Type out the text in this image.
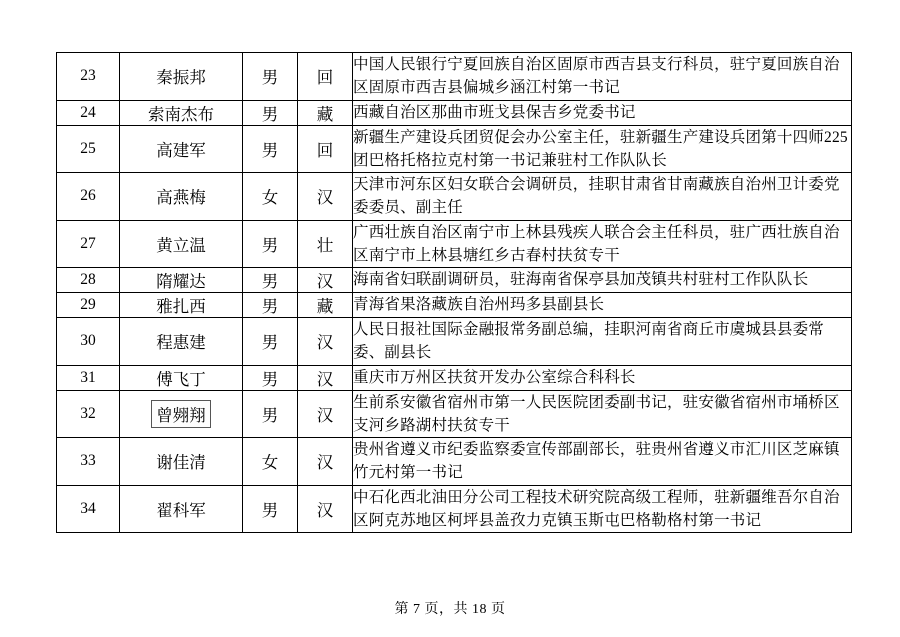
23	秦振邦	男	回	中国人民银行宁夏回族自治区固原市西吉县支行科员，驻宁夏回族自治区固原市西吉县偏城乡涵江村第一书记

24	索南杰布	男	藏	西藏自治区那曲市班戈县保吉乡党委书记

25	高建军	男	回	新疆生产建设兵团贸促会办公室主任，驻新疆生产建设兵团第十四师225团巴格托格拉克村第一书记兼驻村工作队队长

26	高燕梅	女	汉	天津市河东区妇女联合会调研员，挂职甘肃省甘南藏族自治州卫计委党委委员、副主任

27	黄立温	男	壮	广西壮族自治区南宁市上林县残疾人联合会主任科员，驻广西壮族自治区南宁市上林县塘红乡古春村扶贫专干

28	隋耀达	男	汉	海南省妇联副调研员，驻海南省保亭县加茂镇共村驻村工作队队长

29	雅扎西	男	藏	青海省果洛藏族自治州玛多县副县长

30	程惠建	男	汉	人民日报社国际金融报常务副总编，挂职河南省商丘市虞城县县委常委、副县长

31	傅飞丁	男	汉	重庆市万州区扶贫开发办公室综合科科长

32	曾翙翔	男	汉	生前系安徽省宿州市第一人民医院团委副书记，驻安徽省宿州市埇桥区支河乡路湖村扶贫专干

33	谢佳清	女	汉	贵州省遵义市纪委监察委宣传部副部长，驻贵州省遵义市汇川区芝麻镇竹元村第一书记

34	翟科军	男	汉	中石化西北油田分公司工程技术研究院高级工程师，驻新疆维吾尔自治区阿克苏地区柯坪县盖孜力克镇玉斯屯巴格勒格村第一书记
第 7 页，共 18 页
